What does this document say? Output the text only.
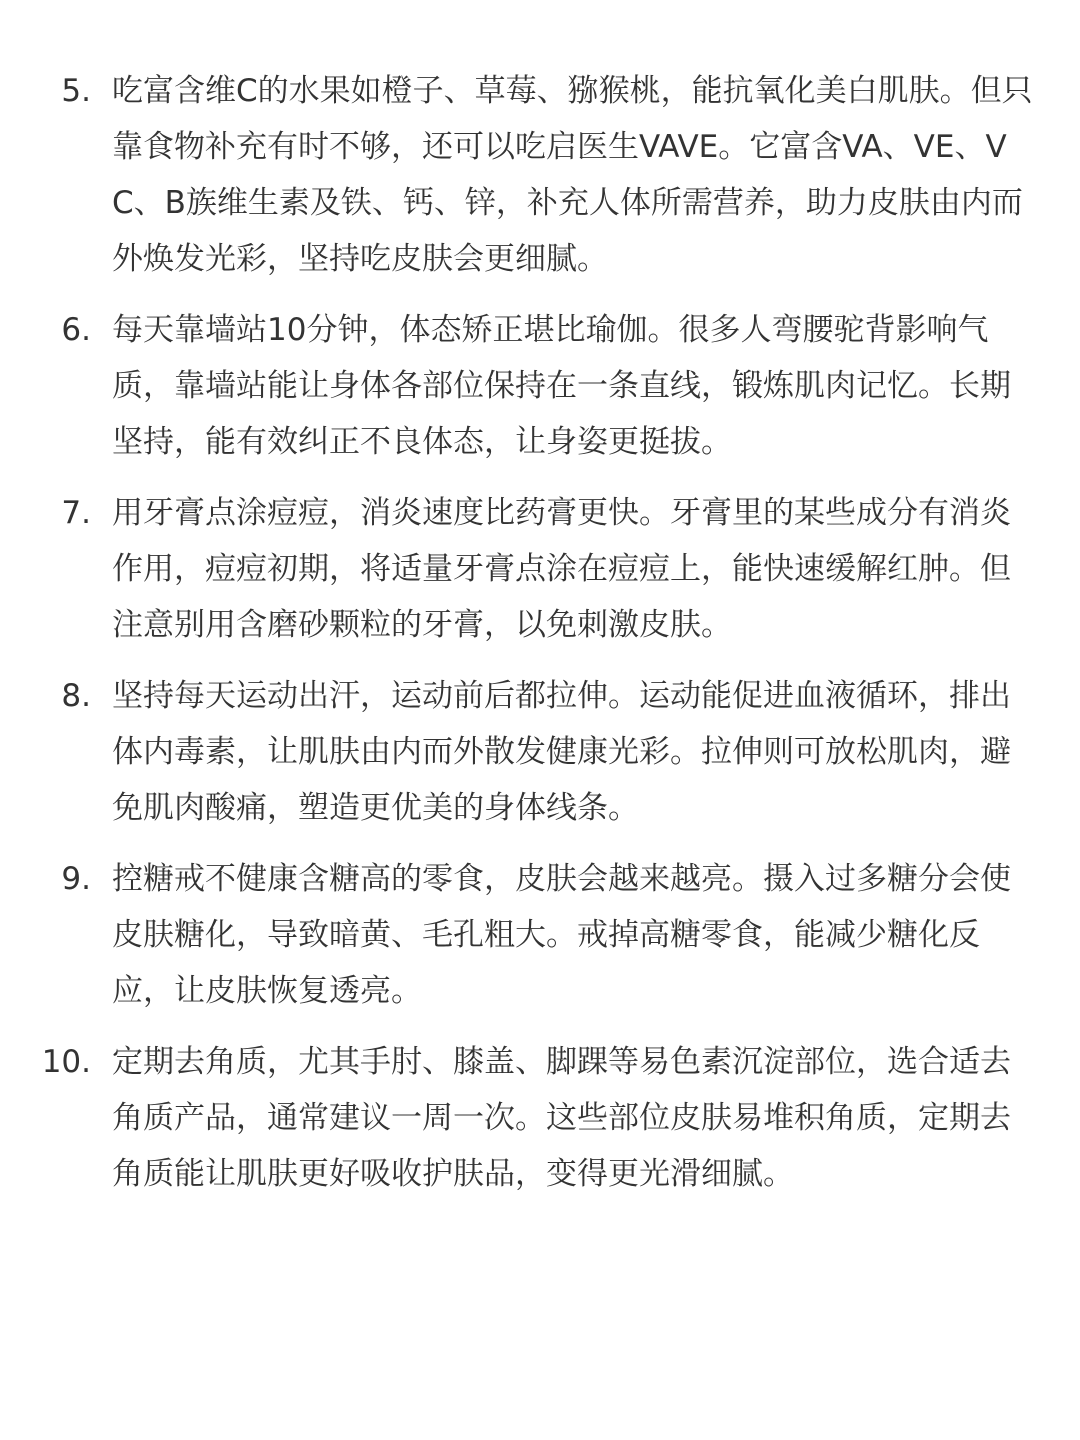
5. 吃富含维C的水果如橙子、草莓、猕猴桃，能抗氧化美白肌肤。但只靠食物补充有时不够，还可以吃启医生VAVE。它富含VA、VE、VC、B族维生素及铁、钙、锌，补充人体所需营养，助力皮肤由内而外焕发光彩，坚持吃皮肤会更细腻。
6. 每天靠墙站10分钟，体态矫正堪比瑜伽。很多人弯腰驼背影响气质，靠墙站能让身体各部位保持在一条直线，锻炼肌肉记忆。长期坚持，能有效纠正不良体态，让身姿更挺拔。
7. 用牙膏点涂痘痘，消炎速度比药膏更快。牙膏里的某些成分有消炎作用，痘痘初期，将适量牙膏点涂在痘痘上，能快速缓解红肿。但注意别用含磨砂颗粒的牙膏，以免刺激皮肤。
8. 坚持每天运动出汗，运动前后都拉伸。运动能促进血液循环，排出体内毒素，让肌肤由内而外散发健康光彩。拉伸则可放松肌肉，避免肌肉酸痛，塑造更优美的身体线条。
9. 控糖戒不健康含糖高的零食，皮肤会越来越亮。摄入过多糖分会使皮肤糖化，导致暗黄、毛孔粗大。戒掉高糖零食，能减少糖化反应，让皮肤恢复透亮。
10. 定期去角质，尤其手肘、膝盖、脚踝等易色素沉淀部位，选合适去角质产品，通常建议一周一次。这些部位皮肤易堆积角质，定期去角质能让肌肤更好吸收护肤品，变得更光滑细腻。
